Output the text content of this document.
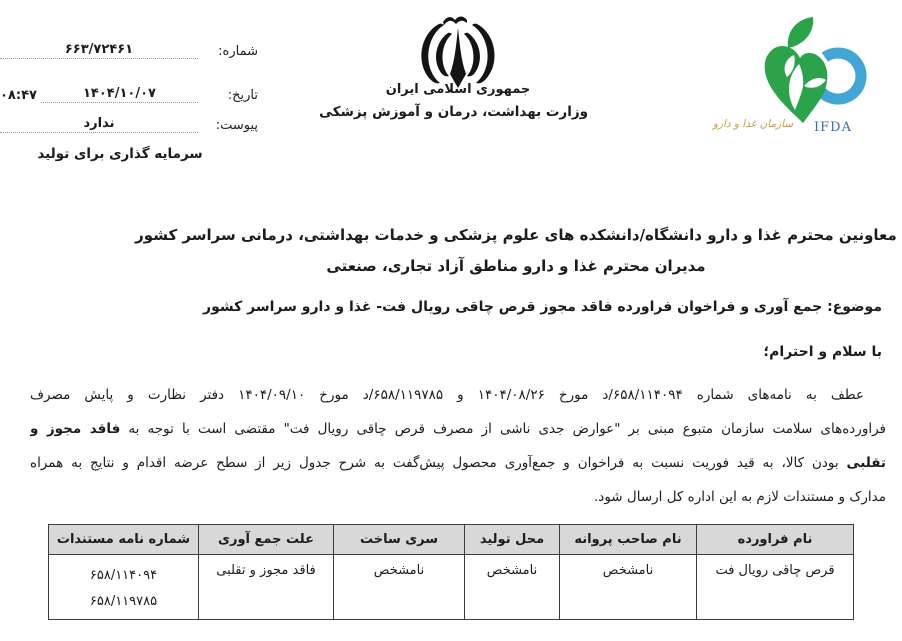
شماره:
۶۶۳/۷۲۴۶۱
تاریخ:
۱۴۰۴/۱۰/۰۷
۰۸:۴۷
پیوست:
ندارد
سرمایه گذاری برای تولید
جمهوری اسلامی ایران
وزارت بهداشت، درمان و آموزش پزشکی
سازمان غذا و دارو	IFDA
معاونین محترم غذا و دارو دانشگاه/دانشکده های علوم پزشکی و خدمات بهداشتی، درمانی سراسر کشور
مدیران محترم غذا و دارو مناطق آزاد تجاری، صنعتی
موضوع: جمع آوری و فراخوان فراورده فاقد مجوز قرص چاقی رویال فت- غذا و دارو سراسر کشور
با سلام و احترام؛
عطف به نامه‌های شماره ۶۵۸/۱۱۴۰۹۴/د مورخ ۱۴۰۴/۰۸/۲۶ و ۶۵۸/۱۱۹۷۸۵/د مورخ ۱۴۰۴/۰۹/۱۰ دفتر نظارت و پایش مصرف
فراورده‌های سلامت سازمان متبوع مبنی بر "عوارض جدی ناشی از مصرف قرص چاقی رویال فت" مقتضی است با توجه به فاقد مجوز و
تقلبی بودن کالا، به قید فوریت نسبت به فراخوان و جمع‌آوری محصول پیش‌گفت به شرح جدول زیر از سطح عرضه اقدام و نتایج به همراه
مدارک و مستندات لازم به این اداره کل ارسال شود.
نام فراورده	نام صاحب پروانه	محل تولید	سری ساخت	علت جمع آوری	شماره نامه مستندات
قرص چاقی رویال فت	نامشخص	نامشخص	نامشخص	فاقد مجوز و تقلبی	۶۵۸/۱۱۴۰۹۴
۶۵۸/۱۱۹۷۸۵
